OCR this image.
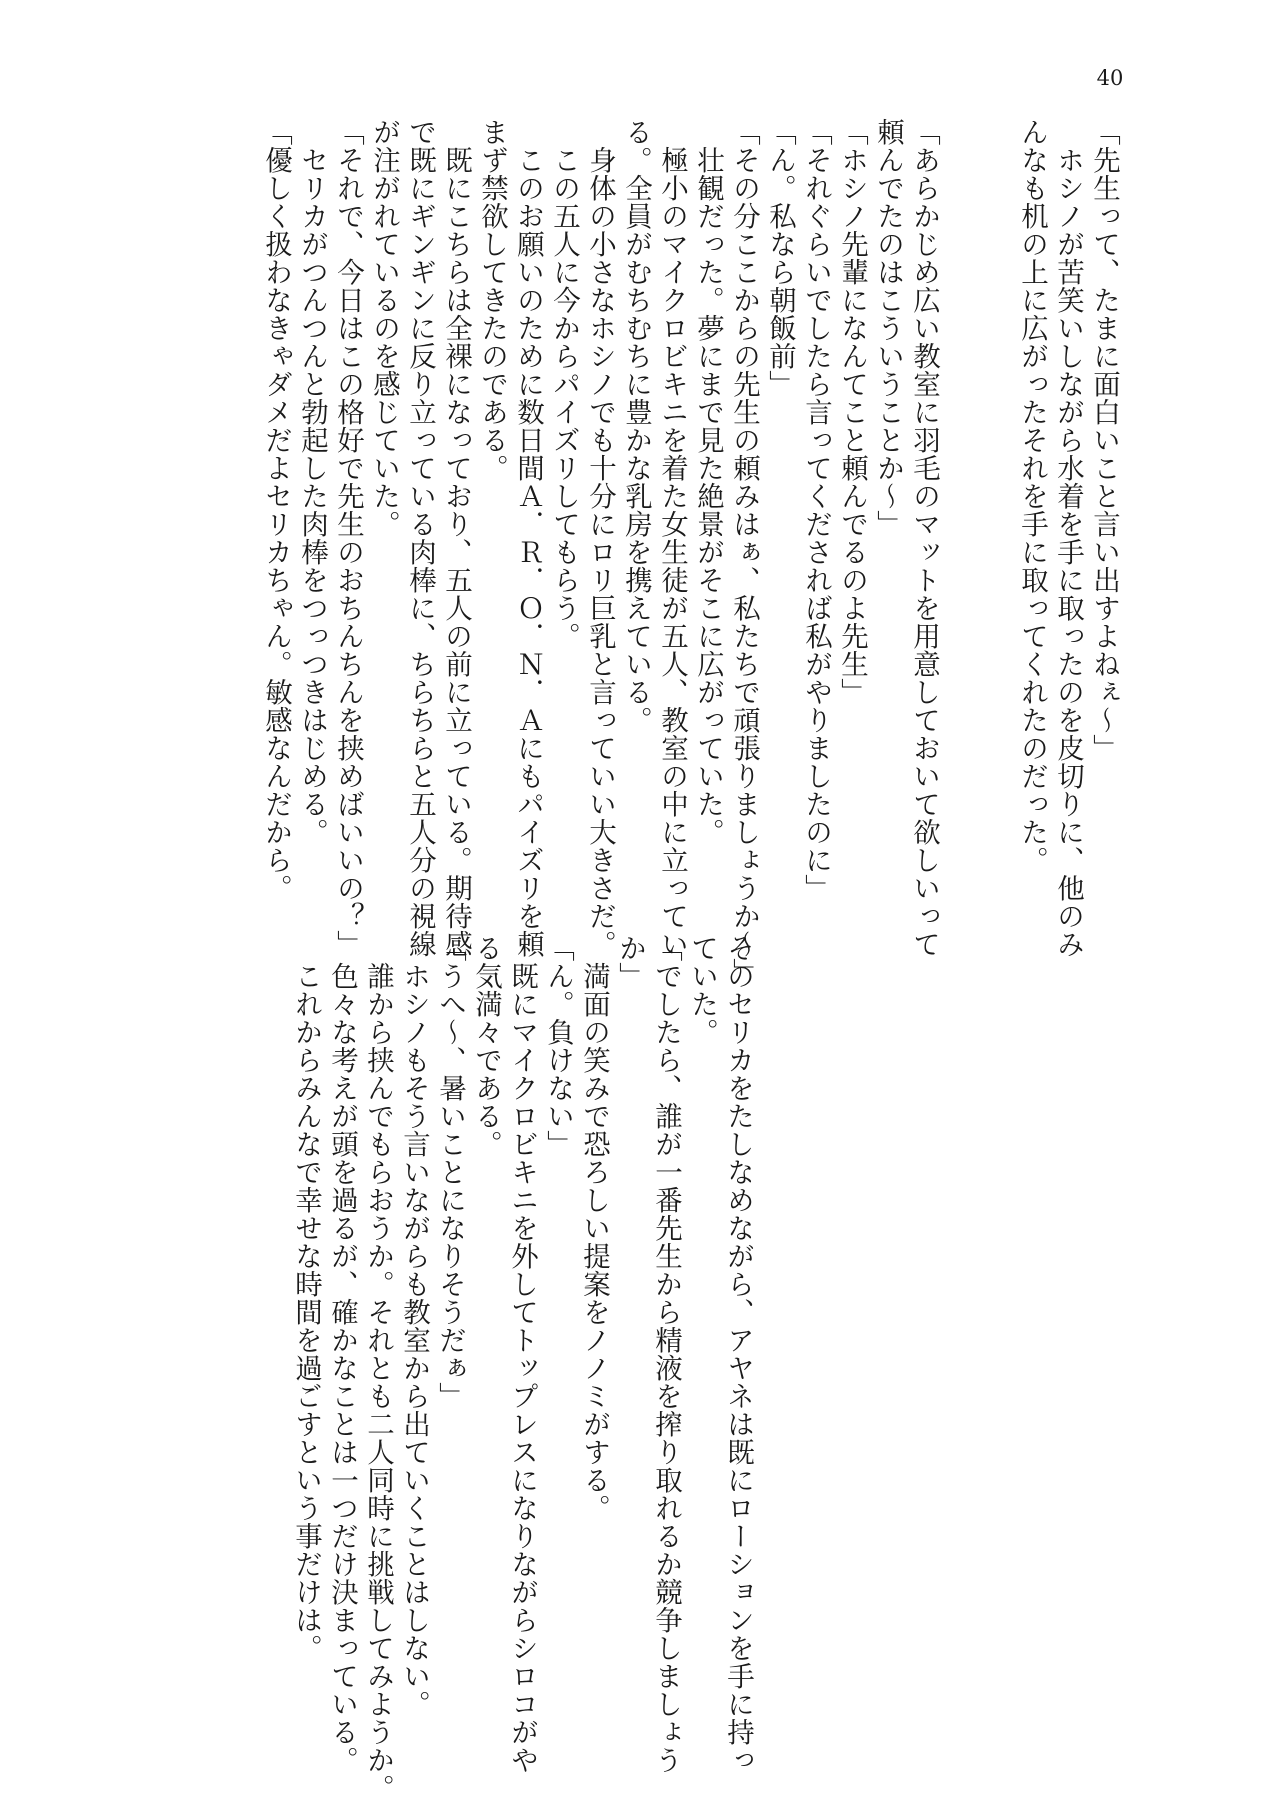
40
「先生って、たまに面白いこと言い出すよねぇ～」
　ホシノが苦笑いしながら水着を手に取ったのを皮切りに、他のみ
んなも机の上に広がったそれを手に取ってくれたのだった。

「あらかじめ広い教室に羽毛のマットを用意しておいて欲しいって
頼んでたのはこういうことか～」
「ホシノ先輩になんてこと頼んでるのよ先生」
「それぐらいでしたら言ってくだされば私がやりましたのに」
「ん。私なら朝飯前」
「その分ここからの先生の頼みはぁ、私たちで頑張りましょうか～」
　壮観だった。夢にまで見た絶景がそこに広がっていた。
　極小のマイクロビキニを着た女生徒が五人、教室の中に立ってい
る。全員がむちむちに豊かな乳房を携えている。
　身体の小さなホシノでも十分にロリ巨乳と言っていい大きさだ。
　この五人に今からパイズリしてもらう。
　このお願いのために数日間Ａ．Ｒ．Ｏ．Ｎ．Ａにもパイズリを頼
まず禁欲してきたのである。
　既にこちらは全裸になっており、五人の前に立っている。期待感
で既にギンギンに反り立っている肉棒に、ちらちらと五人分の視線
が注がれているのを感じていた。
「それで、今日はこの格好で先生のおちんちんを挟めばいいの？」
　セリカがつんつんと勃起した肉棒をつっつきはじめる。
「優しく扱わなきゃダメだよセリカちゃん。敏感なんだから。
そのセリカをたしなめながら、アヤネは既にローションを手に持っ
ていた。
「でしたら、誰が一番先生から精液を搾り取れるか競争しましょう
か」
　満面の笑みで恐ろしい提案をノノミがする。
「ん。負けない」
　既にマイクロビキニを外してトップレスになりながらシロコがや
る気満々である。
「うへ～、暑いことになりそうだぁ」
　ホシノもそう言いながらも教室から出ていくことはしない。
　誰から挟んでもらおうか。それとも二人同時に挑戦してみようか。
　色々な考えが頭を過るが、確かなことは一つだけ決まっている。
　これからみんなで幸せな時間を過ごすという事だけは。
